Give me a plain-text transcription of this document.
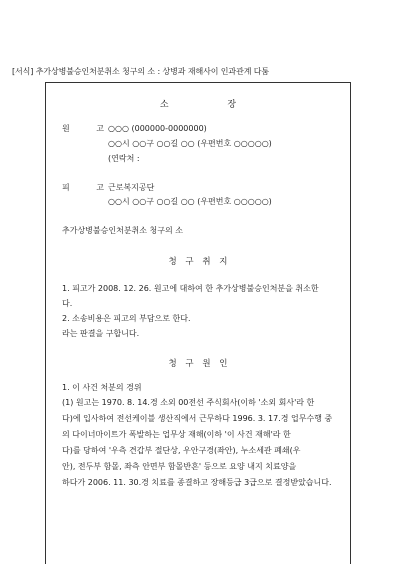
[서식] 추가상병불승인처분취소 청구의 소 : 상병과 재해사이 인과관계 다툼
소 장
원 고
○○○ (000000-0000000)
○○시 ○○구 ○○길 ○○ (우편번호 ○○○○○)
(연락처 :
피 고
근로복지공단
○○시 ○○구 ○○길 ○○ (우편번호 ○○○○○)
추가상병불승인처분취소 청구의 소
청 구 취 지
1. 피고가 2008. 12. 26. 원고에 대하여 한 추가상병불승인처분을 취소한
다.
2. 소송비용은 피고의 부담으로 한다.
라는 판결을 구합니다.
청 구 원 인
1. 이 사건 처분의 경위
(1) 원고는 1970. 8. 14.경 소외 00전선 주식회사(이하 '소외 회사'라 한
다)에 입사하여 전선케이블 생산직에서 근무하다 1996. 3. 17.경 업무수행 중
의 다이너마이트가 폭발하는 업무상 재해(이하 '이 사건 재해'라 한
다)를 당하여 '우측 견갑부 절단상, 우안구경(좌안), 누소세관 폐쇄(우
안), 전두부 함몰, 좌측 안면부 함몰반흔' 등으로 요양 내지 치료양을
하다가 2006. 11. 30.경 치료를 종결하고 장해등급 3급으로 결정받았습니다.
